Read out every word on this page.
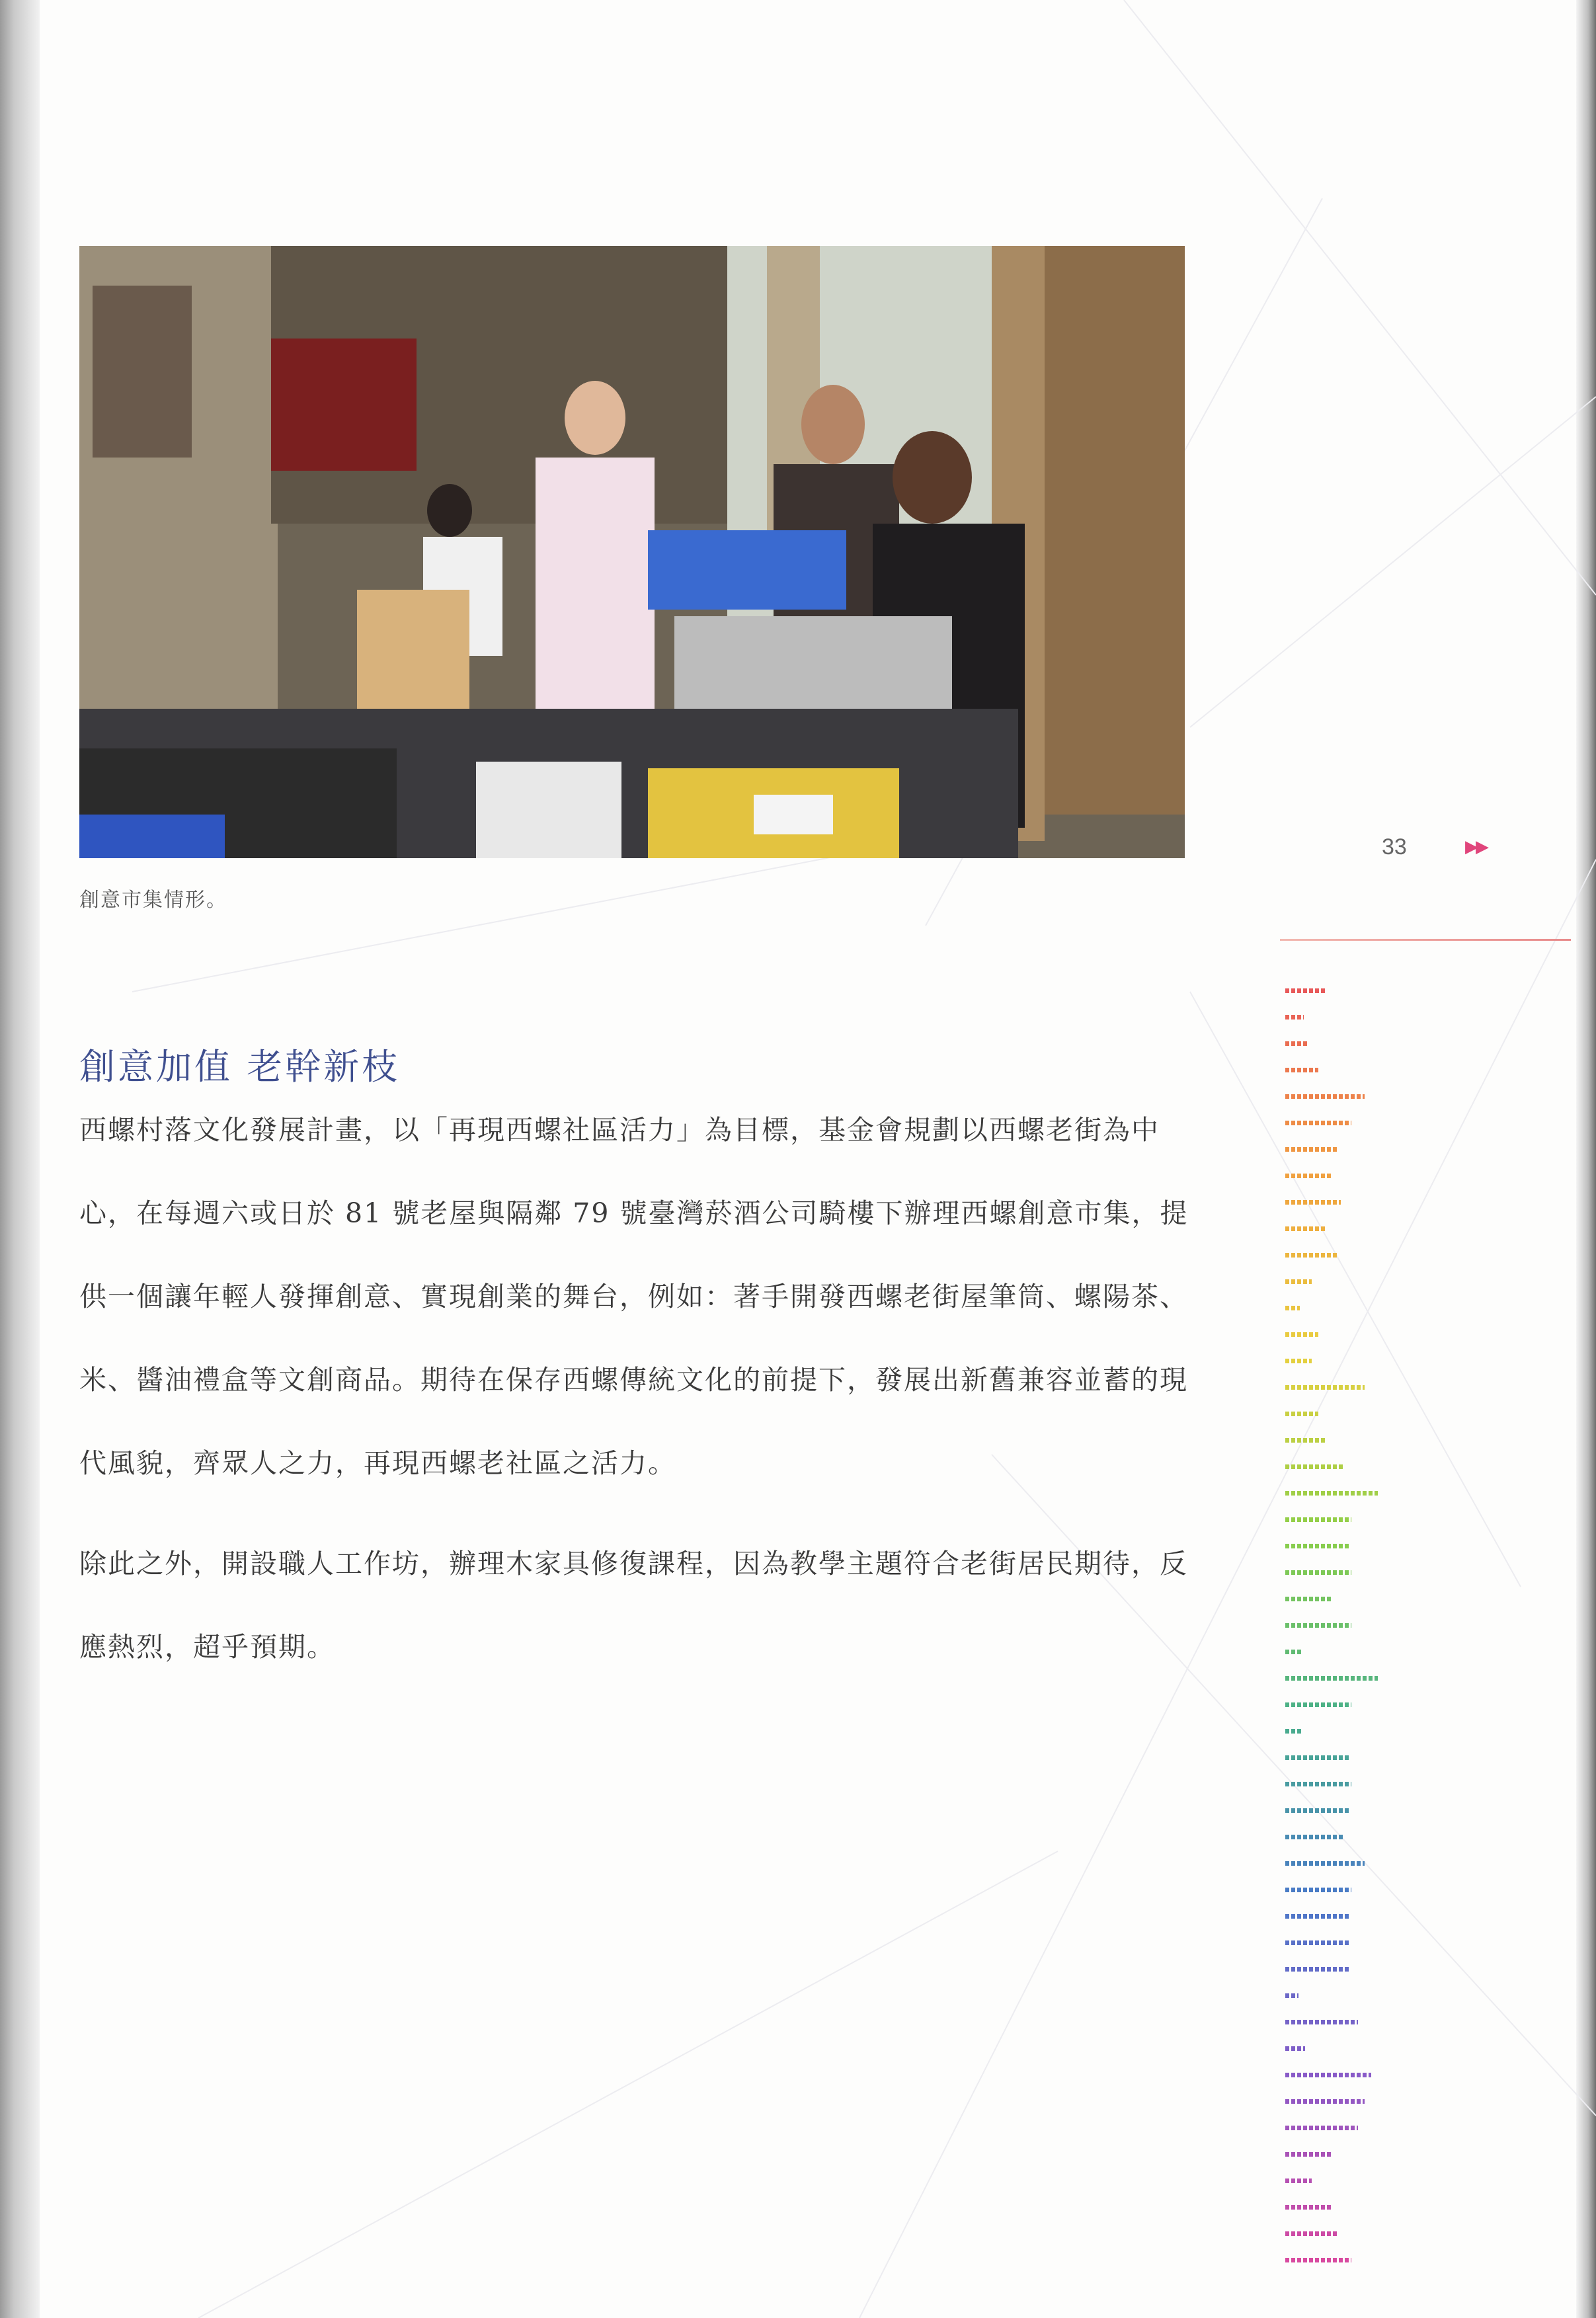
創意市集情形。
33	▶▶
創意加值 老幹新枝

西螺村落文化發展計畫，以「再現西螺社區活力」為目標，基金會規劃以西螺老街為中心，在每週六或日於 81 號老屋與隔鄰 79 號臺灣菸酒公司騎樓下辦理西螺創意市集，提供一個讓年輕人發揮創意、實現創業的舞台，例如：著手開發西螺老街屋筆筒、螺陽茶、米、醬油禮盒等文創商品。期待在保存西螺傳統文化的前提下，發展出新舊兼容並蓄的現代風貌，齊眾人之力，再現西螺老社區之活力。

除此之外，開設職人工作坊，辦理木家具修復課程，因為教學主題符合老街居民期待，反應熱烈，超乎預期。
